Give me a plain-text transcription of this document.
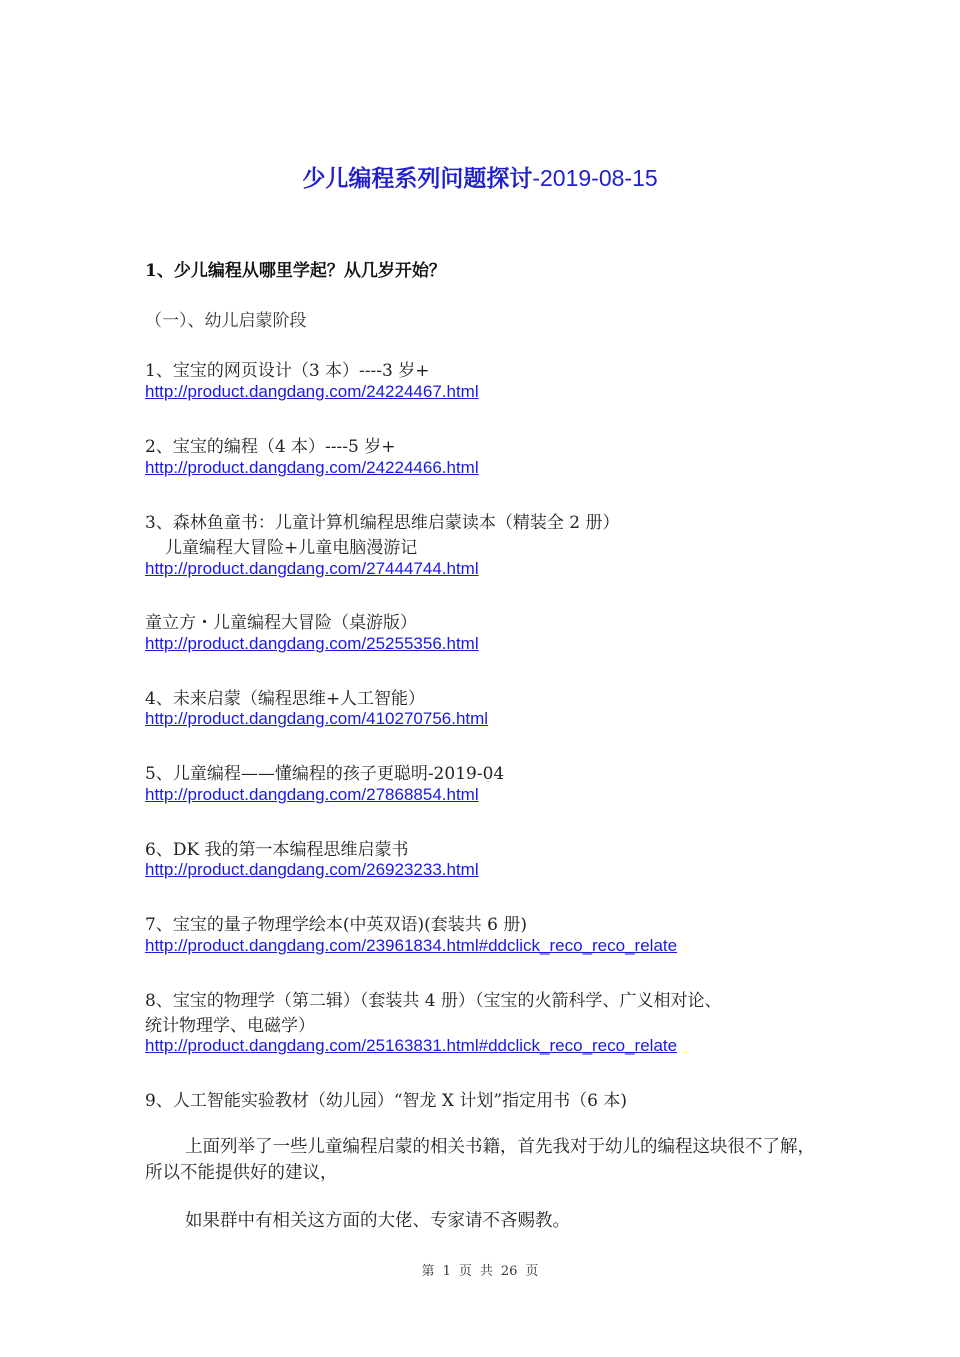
少儿编程系列问题探讨-2019-08-15
1、少儿编程从哪里学起？从几岁开始？
（一）、幼儿启蒙阶段
1、宝宝的网页设计（3 本）----3 岁+
http://product.dangdang.com/24224467.html
2、宝宝的编程（4 本）----5 岁+
http://product.dangdang.com/24224466.html
3、森林鱼童书：儿童计算机编程思维启蒙读本（精装全 2 册）
儿童编程大冒险+儿童电脑漫游记
http://product.dangdang.com/27444744.html
童立方・儿童编程大冒险（桌游版）
http://product.dangdang.com/25255356.html
4、未来启蒙（编程思维+人工智能）
http://product.dangdang.com/410270756.html
5、儿童编程——懂编程的孩子更聪明-2019-04
http://product.dangdang.com/27868854.html
6、DK 我的第一本编程思维启蒙书
http://product.dangdang.com/26923233.html
7、宝宝的量子物理学绘本(中英双语)(套装共 6 册)
http://product.dangdang.com/23961834.html#ddclick_reco_reco_relate
8、宝宝的物理学（第二辑）（套装共 4 册）（宝宝的火箭科学、广义相对论、
统计物理学、电磁学）
http://product.dangdang.com/25163831.html#ddclick_reco_reco_relate
9、人工智能实验教材（幼儿园）“智龙 X 计划”指定用书（6 本)
上面列举了一些儿童编程启蒙的相关书籍，首先我对于幼儿的编程这块很不了解，所以不能提供好的建议，
如果群中有相关这方面的大佬、专家请不吝赐教。
第 1 页 共 26 页
